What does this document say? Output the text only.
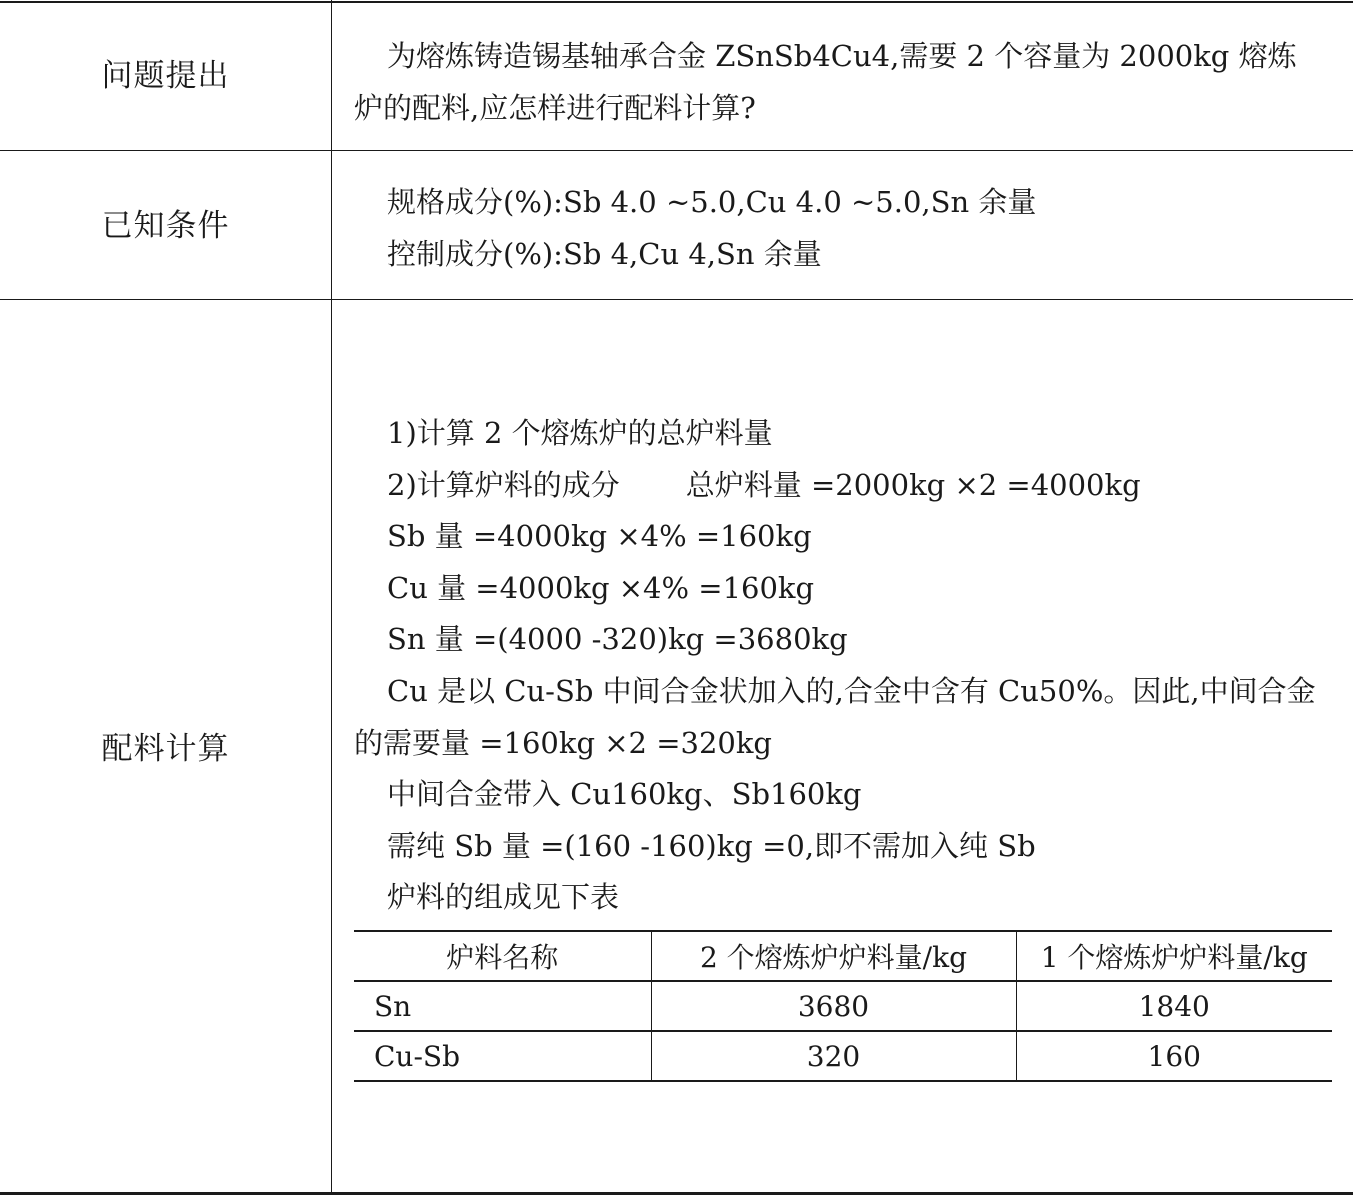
问题提出
为熔炼铸造锡基轴承合金 ZSnSb4Cu4,需要 2 个容量为 2000kg 熔炼
炉的配料,应怎样进行配料计算?
已知条件
规格成分(%):Sb 4.0 ~5.0,Cu 4.0 ~5.0,Sn 余量
控制成分(%):Sb 4,Cu 4,Sn 余量
配料计算
1)计算 2 个熔炼炉的总炉料量
2)计算炉料的成分 总炉料量 =2000kg ×2 =4000kg
Sb 量 =4000kg ×4% =160kg
Cu 量 =4000kg ×4% =160kg
Sn 量 =(4000 -320)kg =3680kg
Cu 是以 Cu-Sb 中间合金状加入的,合金中含有 Cu50%。因此,中间合金的需要量 =160kg ×2 =320kg
中间合金带入 Cu160kg、Sb160kg
需纯 Sb 量 =(160 -160)kg =0,即不需加入纯 Sb
炉料的组成见下表
炉料名称	2 个熔炼炉炉料量/kg	1 个熔炼炉炉料量/kg
Sn	3680	1840
Cu-Sb	320	160
